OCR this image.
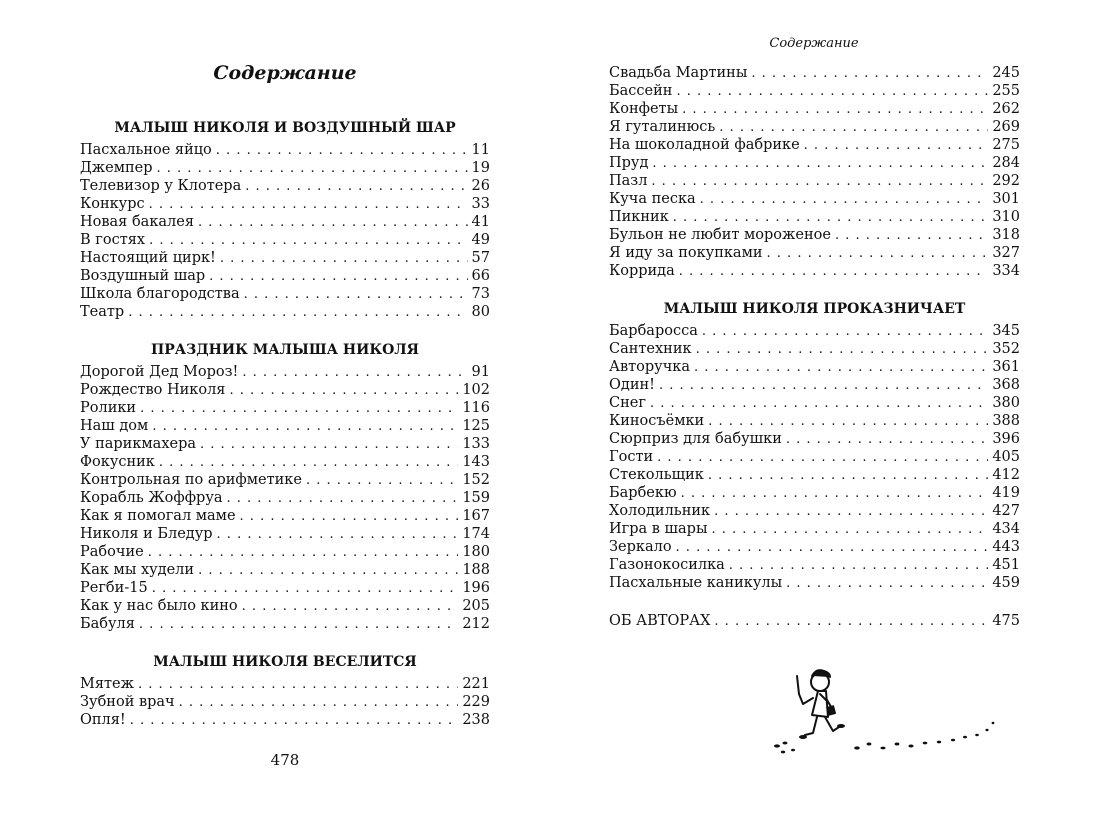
Содержание
МАЛЫШ НИКОЛЯ И ВОЗДУШНЫЙ ШАР
Пасхальное яйцо . . .	11
Джемпер . . .	19
Телевизор у Клотера . . .	26
Конкурс . . .	33
Новая бакалея . . .	41
В гостях . . .	49
Настоящий цирк! . . .	57
Воздушный шар . . .	66
Школа благородства . . .	73
Театр . . .	80
ПРАЗДНИК МАЛЫША НИКОЛЯ
Дорогой Дед Мороз! . . .	91
Рождество Николя . . .	102
Ролики . . .	116
Наш дом . . .	125
У парикмахера . . .	133
Фокусник . . .	143
Контрольная по арифметике . . .	152
Корабль Жоффруа . . .	159
Как я помогал маме . . .	167
Николя и Бледур . . .	174
Рабочие . . .	180
Как мы худели . . .	188
Регби-15 . . .	196
Как у нас было кино . . .	205
Бабуля . . .	212
МАЛЫШ НИКОЛЯ ВЕСЕЛИТСЯ
Мятеж . . .	221
Зубной врач . . .	229
Опля! . . .	238
478
Содержание
Свадьба Мартины . . .	245
Бассейн . . .	255
Конфеты . . .	262
Я гуталинюсь . . .	269
На шоколадной фабрике . . .	275
Пруд . . .	284
Пазл . . .	292
Куча песка . . .	301
Пикник . . .	310
Бульон не любит мороженое . . .	318
Я иду за покупками . . .	327
Коррида . . .	334
МАЛЫШ НИКОЛЯ ПРОКАЗНИЧАЕТ
Барбаросса . . .	345
Сантехник . . .	352
Авторучка . . .	361
Один! . . .	368
Снег . . .	380
Киносъёмки . . .	388
Сюрприз для бабушки . . .	396
Гости . . .	405
Стекольщик . . .	412
Барбекю . . .	419
Холодильник . . .	427
Игра в шары . . .	434
Зеркало . . .	443
Газонокосилка . . .	451
Пасхальные каникулы . . .	459
ОБ АВТОРАХ . . .	475
